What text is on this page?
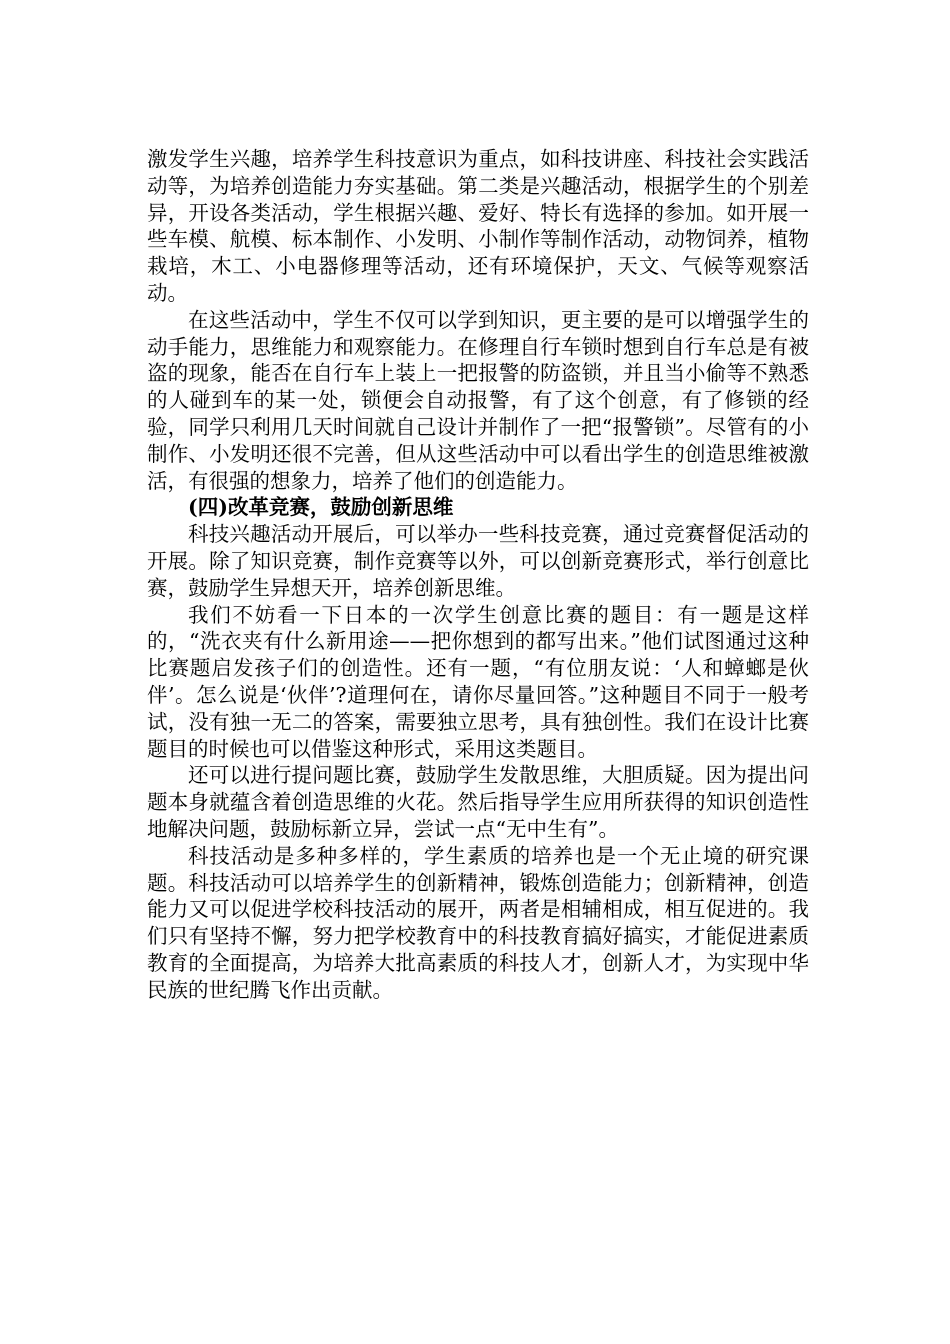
激发学生兴趣，培养学生科技意识为重点，如科技讲座、科技社会实践活动等，为培养创造能力夯实基础。第二类是兴趣活动，根据学生的个别差异，开设各类活动，学生根据兴趣、爱好、特长有选择的参加。如开展一些车模、航模、标本制作、小发明、小制作等制作活动，动物饲养，植物栽培，木工、小电器修理等活动，还有环境保护，天文、气候等观察活动。

在这些活动中，学生不仅可以学到知识，更主要的是可以增强学生的动手能力，思维能力和观察能力。在修理自行车锁时想到自行车总是有被盗的现象，能否在自行车上装上一把报警的防盗锁，并且当小偷等不熟悉的人碰到车的某一处，锁便会自动报警，有了这个创意，有了修锁的经验，同学只利用几天时间就自己设计并制作了一把“报警锁”。尽管有的小制作、小发明还很不完善，但从这些活动中可以看出学生的创造思维被激活，有很强的想象力，培养了他们的创造能力。

(四)改革竞赛，鼓励创新思维

科技兴趣活动开展后，可以举办一些科技竞赛，通过竞赛督促活动的开展。除了知识竞赛，制作竞赛等以外，可以创新竞赛形式，举行创意比赛，鼓励学生异想天开，培养创新思维。

我们不妨看一下日本的一次学生创意比赛的题目：有一题是这样的，“洗衣夹有什么新用途——把你想到的都写出来。”他们试图通过这种比赛题启发孩子们的创造性。还有一题，“有位朋友说：‘人和蟑螂是伙伴’。怎么说是‘伙伴’?道理何在，请你尽量回答。”这种题目不同于一般考试，没有独一无二的答案，需要独立思考，具有独创性。我们在设计比赛题目的时候也可以借鉴这种形式，采用这类题目。

还可以进行提问题比赛，鼓励学生发散思维，大胆质疑。因为提出问题本身就蕴含着创造思维的火花。然后指导学生应用所获得的知识创造性地解决问题，鼓励标新立异，尝试一点“无中生有”。

科技活动是多种多样的，学生素质的培养也是一个无止境的研究课题。科技活动可以培养学生的创新精神，锻炼创造能力；创新精神，创造能力又可以促进学校科技活动的展开，两者是相辅相成，相互促进的。我们只有坚持不懈，努力把学校教育中的科技教育搞好搞实，才能促进素质教育的全面提高，为培养大批高素质的科技人才，创新人才，为实现中华民族的世纪腾飞作出贡献。
